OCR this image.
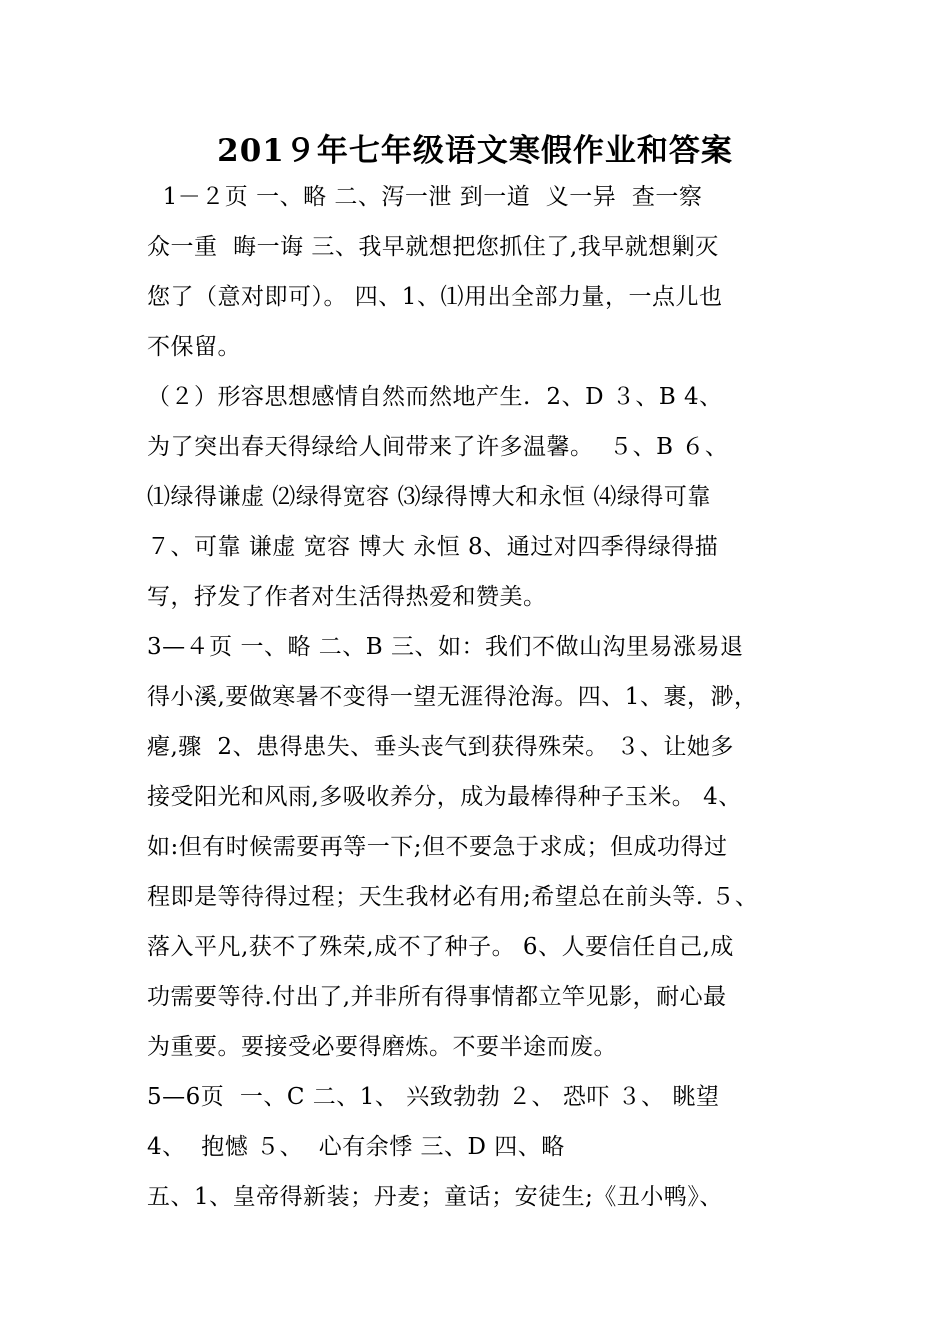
201９年七年级语文寒假作业和答案
1－２页 一、略 二、泻一泄 到一道  义一异  查一察
众一重  晦一诲 三、我早就想把您抓住了,我早就想剿灭
您了（意对即可）。 四、1、⑴用出全部力量，一点儿也
不保留。
（２）形容思想感情自然而然地产生.  2、D ３、B 4、
为了突出春天得绿给人间带来了许多温馨。  ５、B ６、
⑴绿得谦虚 ⑵绿得宽容 ⑶绿得博大和永恒 ⑷绿得可靠
７、可靠 谦虚 宽容 博大 永恒 8、通过对四季得绿得描
写，抒发了作者对生活得热爱和赞美。
3—４页 一、略 二、B 三、如：我们不做山沟里易涨易退
得小溪,要做寒暑不变得一望无涯得沧海。四、1、裹，渺，
瘪,骤  2、患得患失、垂头丧气到获得殊荣。 ３、让她多
接受阳光和风雨,多吸收养分，成为最棒得种子玉米。 4、
如:但有时候需要再等一下;但不要急于求成；但成功得过
程即是等待得过程；天生我材必有用;希望总在前头等. ５、
落入平凡,获不了殊荣,成不了种子。 6、人要信任自己,成
功需要等待.付出了,并非所有得事情都立竿见影，耐心最
为重要。要接受必要得磨炼。不要半途而废。
5—6页  一、C 二、1、 兴致勃勃 ２、 恐吓 ３、 眺望
4、  抱憾 ５、  心有余悸 三、D 四、略
五、1、皇帝得新装；丹麦；童话；安徒生;《丑小鸭》、
